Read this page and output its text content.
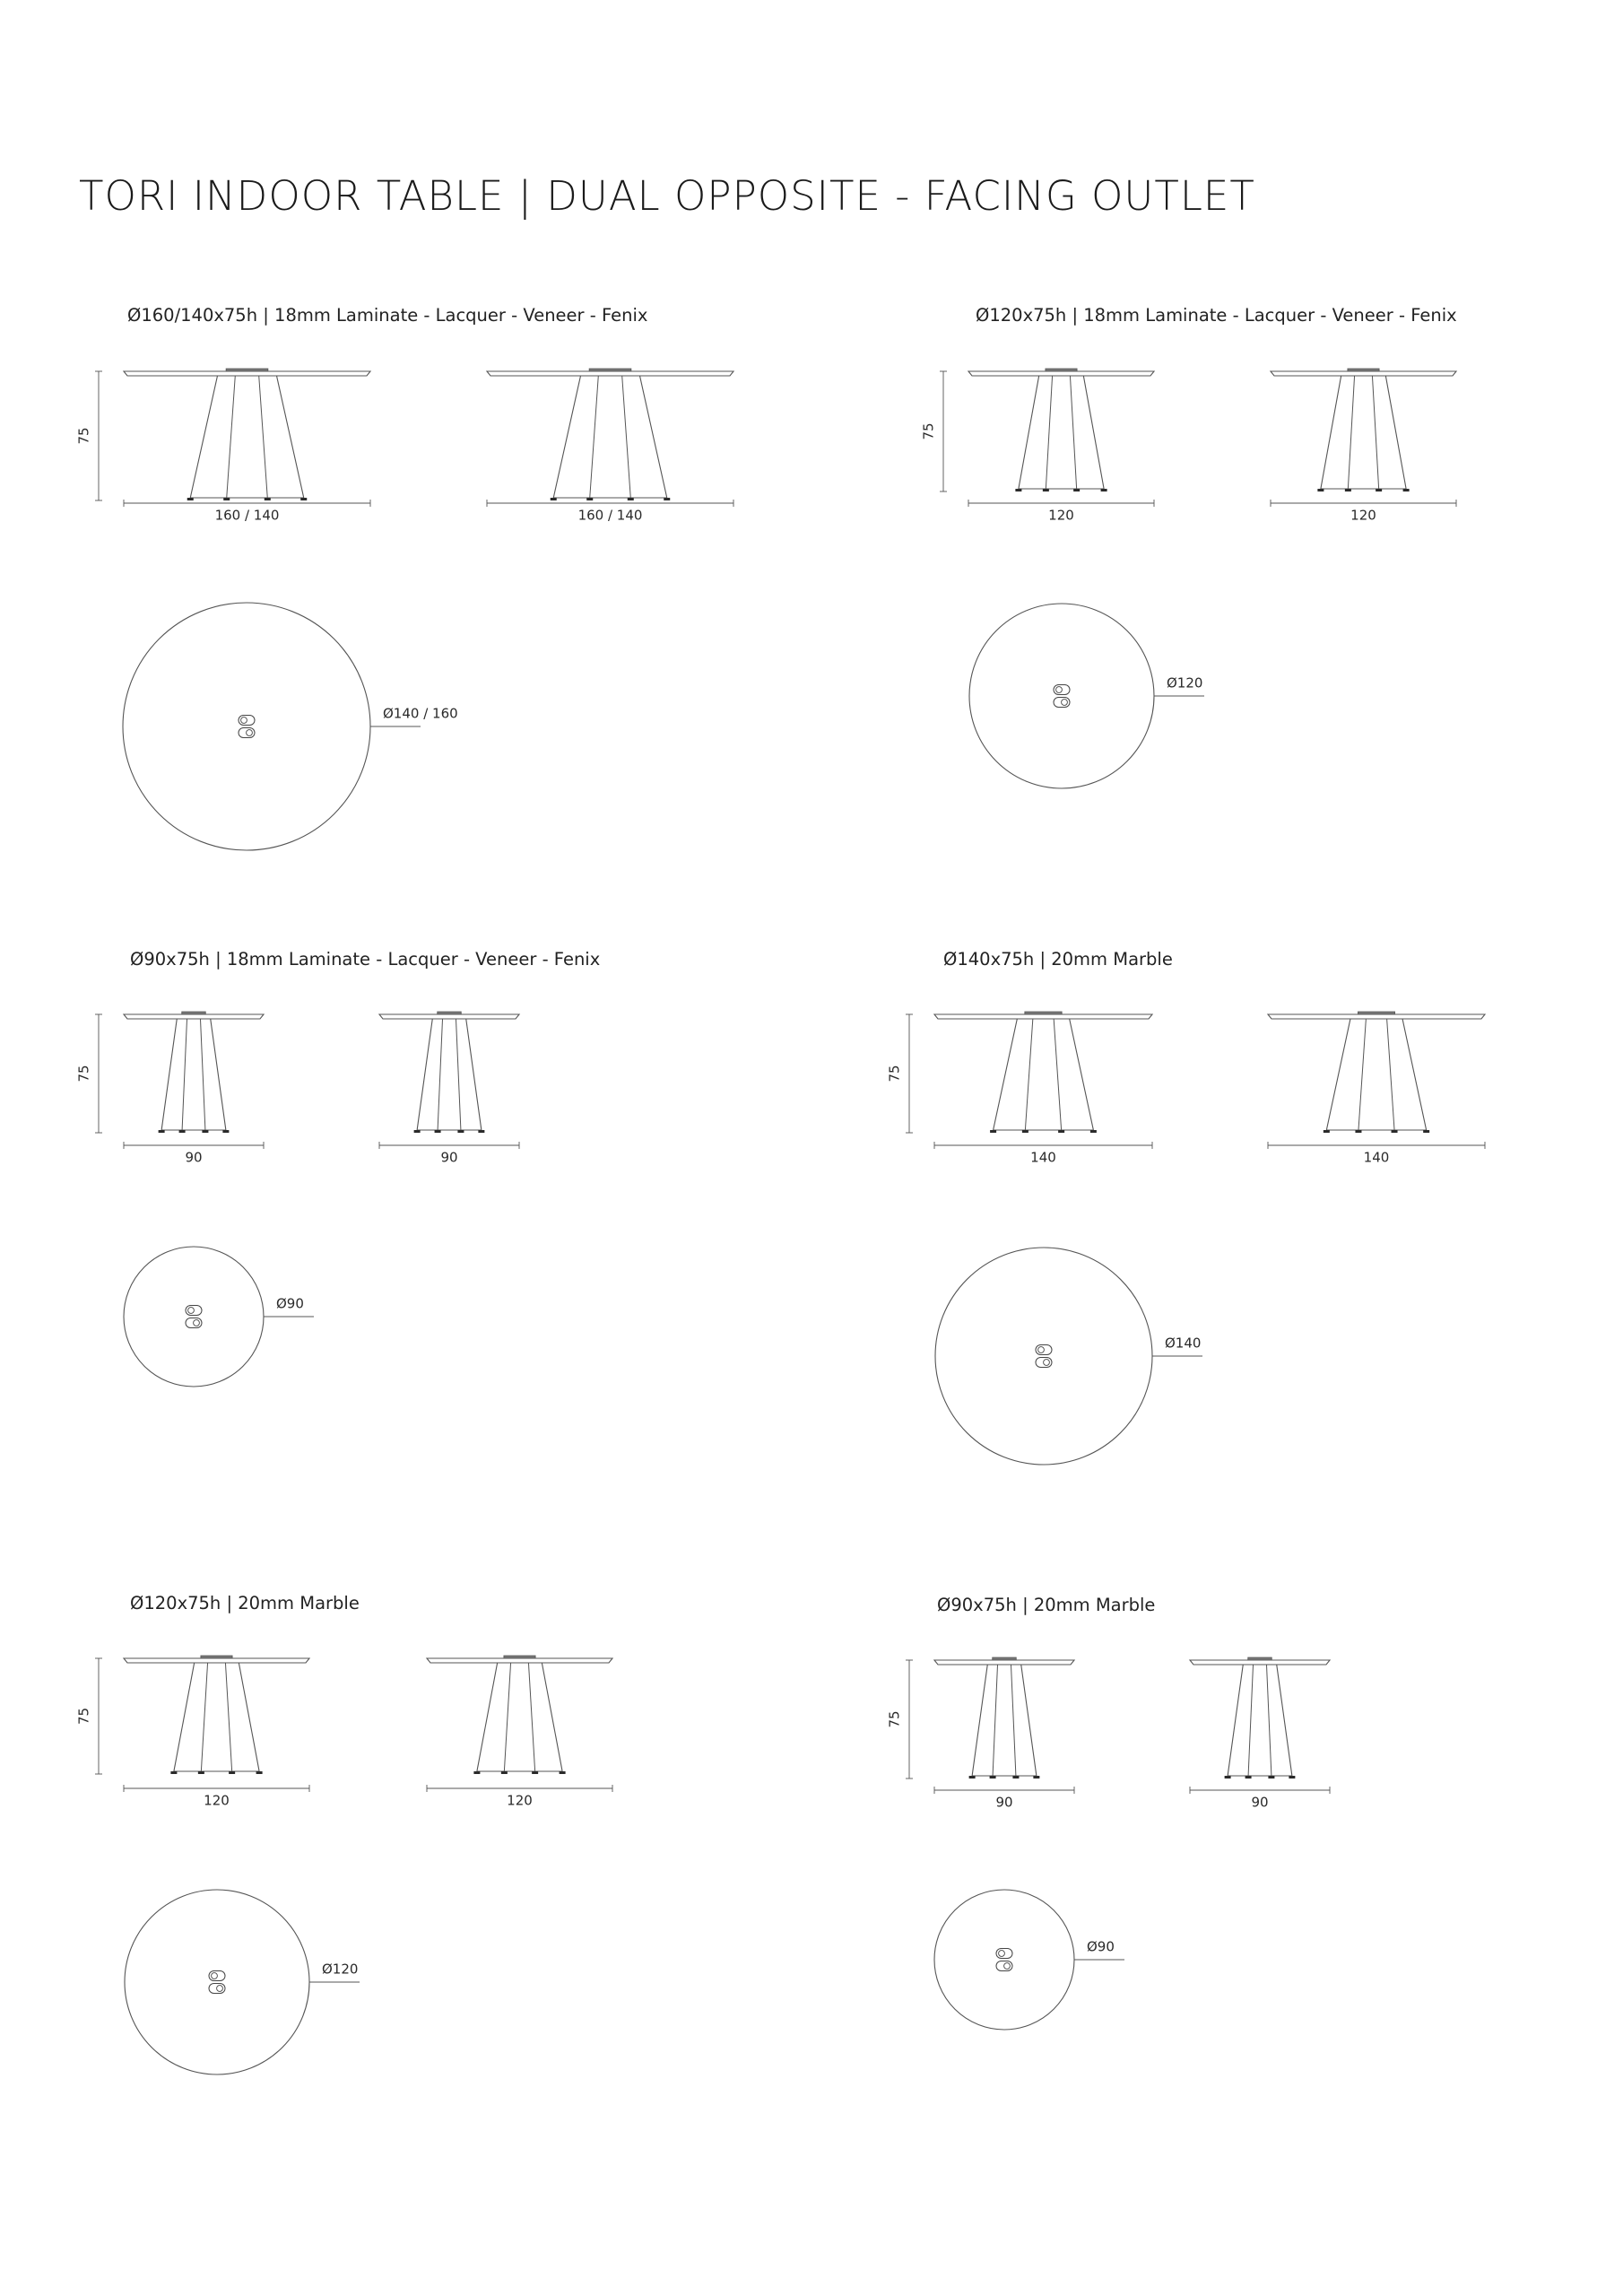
TORI INDOOR TABLE | DUAL OPPOSITE - FACING OUTLET
Ø160/140x75h | 18mm Laminate - Lacquer - Veneer - Fenix	Ø120x75h | 18mm Laminate - Lacquer - Veneer - Fenix
Ø90x75h | 18mm Laminate - Lacquer - Veneer - Fenix	Ø140x75h | 20mm Marble
Ø120x75h | 20mm Marble	Ø90x75h | 20mm Marble
75
160 / 140	160 / 140
Ø140 / 160
75
120	120
Ø120
75
90	90
Ø90
75
140	140
Ø140
75
120	120
Ø120
75
90	90
Ø90
